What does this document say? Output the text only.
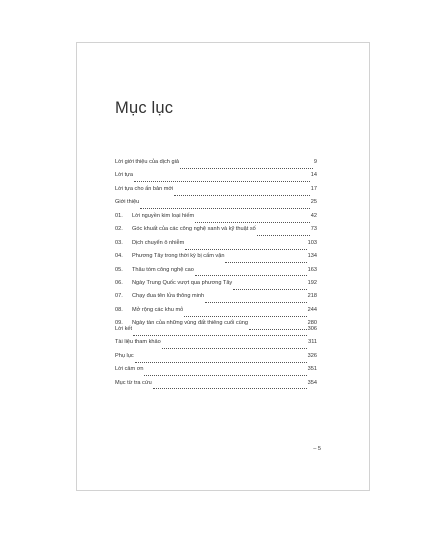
Mục lục
Lời giới thiệu của dịch giả	9
Lời tựa	14
Lời tựa cho ấn bản mới	17
Giới thiệu	25
01.	Lời nguyền kim loại hiếm	42
02.	Góc khuất của các công nghệ xanh và kỹ thuật số	73
03.	Dịch chuyển ô nhiễm	103
04.	Phương Tây trong thời kỳ bị cấm vận	134
05.	Thâu tóm công nghệ cao	163
06.	Ngày Trung Quốc vượt qua phương Tây	192
07.	Chạy đua tên lửa thông minh	218
08.	Mở rộng các khu mỏ	244
09.	Ngày tàn của những vùng đất thiêng cuối cùng	280
Lời kết	306
Tài liệu tham khảo	311
Phụ lục	326
Lời cảm ơn	351
Mục từ tra cứu	354
– 5
